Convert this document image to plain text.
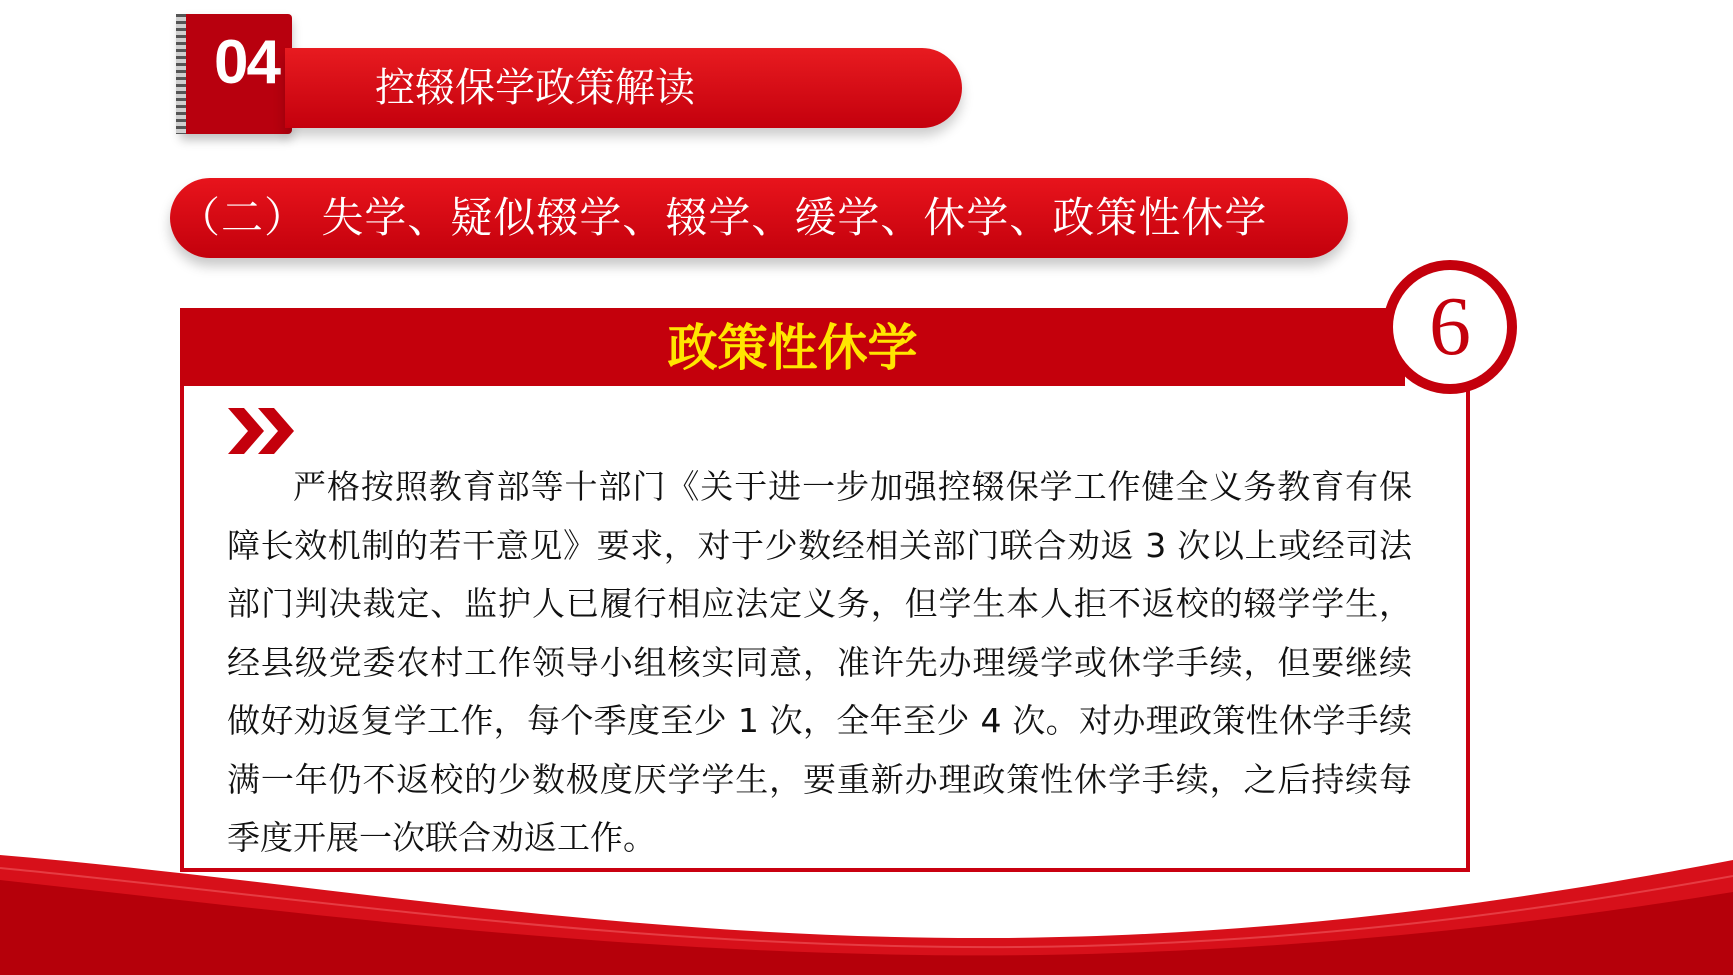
04 控辍保学政策解读
（二） 失学、疑似辍学、辍学、缓学、休学、政策性休学
政策性休学	6

严格按照教育部等十部门《关于进一步加强控辍保学工作健全义务教育有保障长效机制的若干意见》要求，对于少数经相关部门联合劝返 3 次以上或经司法部门判决裁定、监护人已履行相应法定义务，但学生本人拒不返校的辍学学生，经县级党委农村工作领导小组核实同意，准许先办理缓学或休学手续，但要继续做好劝返复学工作，每个季度至少 1 次，全年至少 4 次。对办理政策性休学手续满一年仍不返校的少数极度厌学学生，要重新办理政策性休学手续，之后持续每季度开展一次联合劝返工作。
